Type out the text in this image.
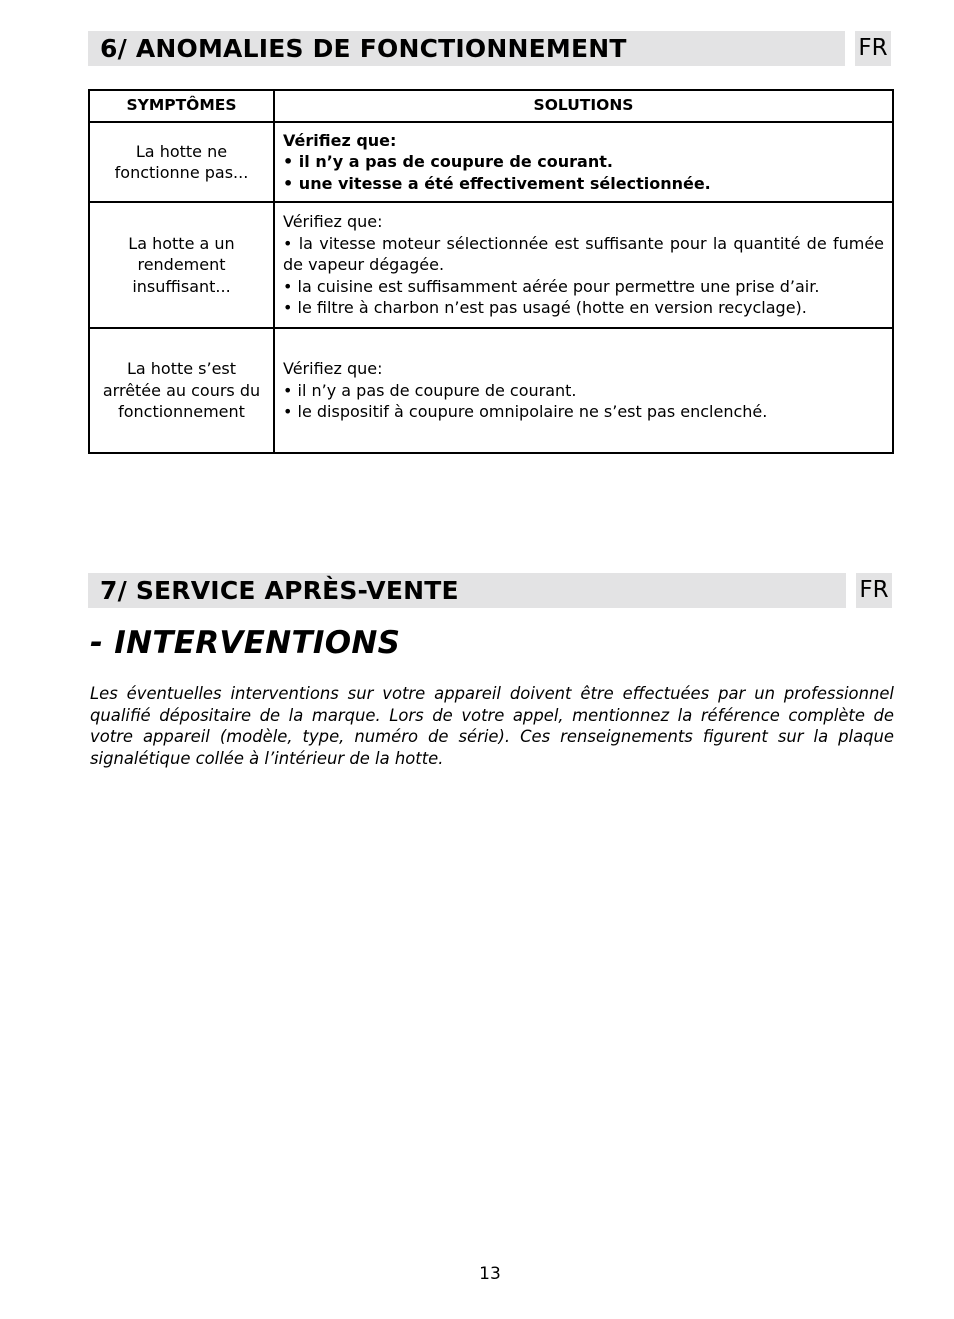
6/ ANOMALIES DE FONCTIONNEMENT	FR
SYMPTÔMES	SOLUTIONS
La hotte ne fonctionne pas...	Vérifiez que:
• il n’y a pas de coupure de courant.
• une vitesse a été effectivement sélectionnée.

La hotte a un rendement insuffisant...	Vérifiez que:
• la vitesse moteur sélectionnée est suffisante pour la quantité de fumée de vapeur dégagée.
• la cuisine est suffisamment aérée pour permettre une prise d’air.
• le filtre à charbon n’est pas usagé (hotte en version recyclage).

La hotte s’est arrêtée au cours du fonctionnement	Vérifiez que:
• il n’y a pas de coupure de courant.
• le dispositif à coupure omnipolaire ne s’est pas enclenché.
7/ SERVICE APRÈS-VENTE	FR
- INTERVENTIONS

Les éventuelles interventions sur votre appareil doivent être effectuées par un professionnel qualifié dépositaire de la marque. Lors de votre appel, mentionnez la référence complète de votre appareil (modèle, type, numéro de série). Ces renseignements figurent sur la plaque signalétique collée à l’intérieur de la hotte.

13
